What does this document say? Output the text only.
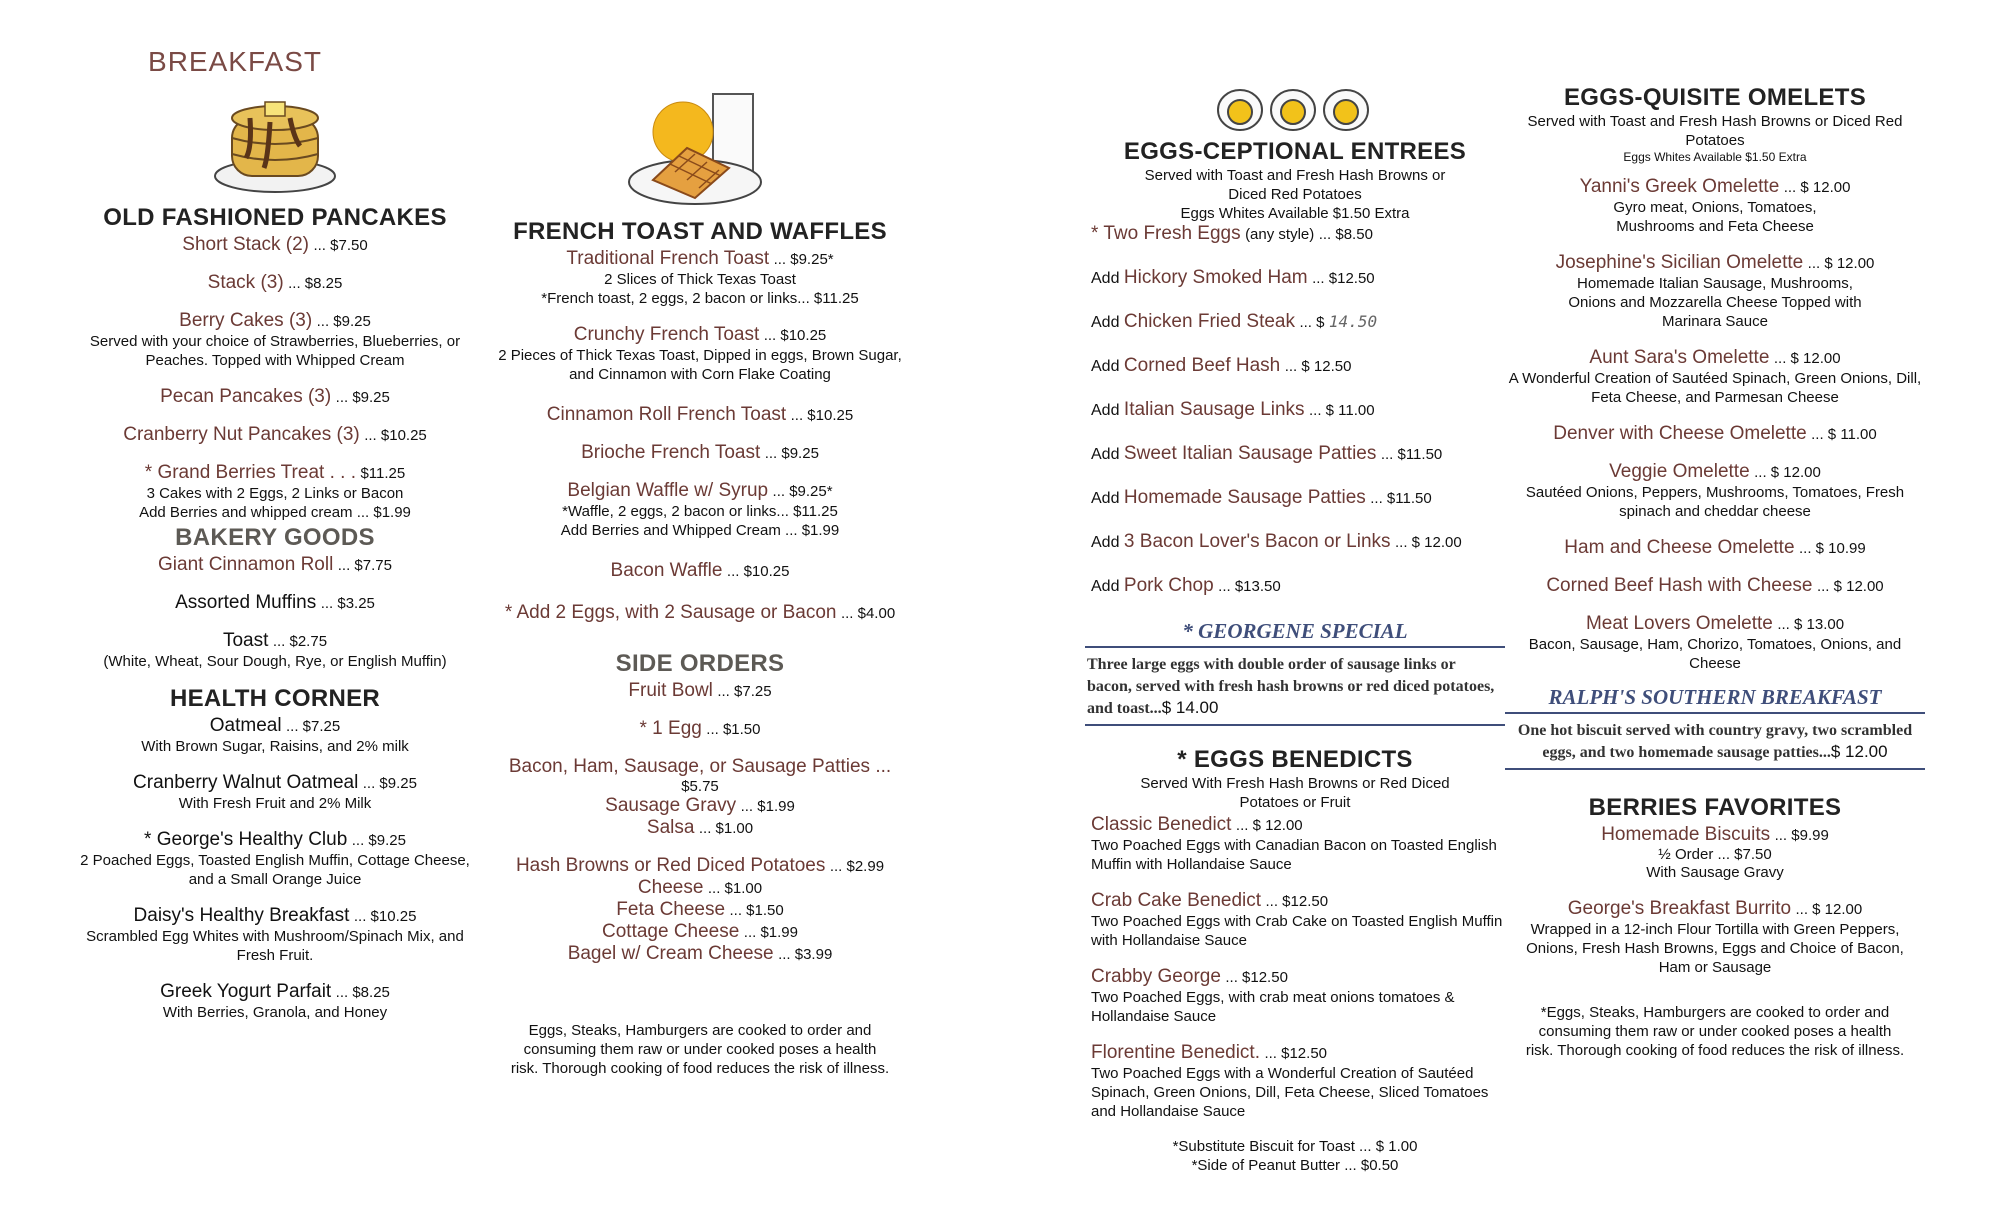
BREAKFAST
OLD FASHIONED PANCAKES
Short Stack (2) ... $7.50
Stack (3) ... $8.25
Berry Cakes (3) ... $9.25
Served with your choice of Strawberries, Blueberries, or Peaches. Topped with Whipped Cream
Pecan Pancakes (3) ... $9.25
Cranberry Nut Pancakes (3) ... $10.25
* Grand Berries Treat . . . $11.25
3 Cakes with 2 Eggs, 2 Links or Bacon
Add Berries and whipped cream ... $1.99
BAKERY GOODS
Giant Cinnamon Roll ... $7.75
Assorted Muffins ... $3.25
Toast ... $2.75
(White, Wheat, Sour Dough, Rye, or English Muffin)
HEALTH CORNER
Oatmeal ... $7.25
With Brown Sugar, Raisins, and 2% milk
Cranberry Walnut Oatmeal ... $9.25
With Fresh Fruit and 2% Milk
* George's Healthy Club ... $9.25
2 Poached Eggs, Toasted English Muffin, Cottage Cheese, and a Small Orange Juice
Daisy's Healthy Breakfast ... $10.25
Scrambled Egg Whites with Mushroom/Spinach Mix, and Fresh Fruit.
Greek Yogurt Parfait ... $8.25
With Berries, Granola, and Honey
FRENCH TOAST AND WAFFLES
Traditional French Toast ... $9.25*
2 Slices of Thick Texas Toast
*French toast, 2 eggs, 2 bacon or links... $11.25
Crunchy French Toast ... $10.25
2 Pieces of Thick Texas Toast, Dipped in eggs, Brown Sugar, and Cinnamon with Corn Flake Coating
Cinnamon Roll French Toast ... $10.25
Brioche French Toast ... $9.25
Belgian Waffle w/ Syrup ... $9.25*
*Waffle, 2 eggs, 2 bacon or links... $11.25
Add Berries and Whipped Cream ... $1.99
Bacon Waffle ... $10.25
* Add 2 Eggs, with 2 Sausage or Bacon ... $4.00
SIDE ORDERS
Fruit Bowl ... $7.25
* 1 Egg ... $1.50
Bacon, Ham, Sausage, or Sausage Patties ...
$5.75
Sausage Gravy ... $1.99
Salsa ... $1.00
Hash Browns or Red Diced Potatoes ... $2.99
Cheese ... $1.00
Feta Cheese ... $1.50
Cottage Cheese ... $1.99
Bagel w/ Cream Cheese ... $3.99
Eggs, Steaks, Hamburgers are cooked to order and consuming them raw or under cooked poses a health risk. Thorough cooking of food reduces the risk of illness.
EGGS-CEPTIONAL ENTREES
Served with Toast and Fresh Hash Browns or Diced Red Potatoes
Eggs Whites Available $1.50 Extra
* Two Fresh Eggs (any style) ... $8.50
Add Hickory Smoked Ham ... $12.50
Add Chicken Fried Steak ... $ 14.50
Add Corned Beef Hash ... $ 12.50
Add Italian Sausage Links ... $ 11.00
Add Sweet Italian Sausage Patties ... $11.50
Add Homemade Sausage Patties ... $11.50
Add 3 Bacon Lover's Bacon or Links ... $ 12.00
Add Pork Chop ... $13.50
* GEORGENE SPECIAL
Three large eggs with double order of sausage links or bacon, served with fresh hash browns or red diced potatoes, and toast...$ 14.00
* EGGS BENEDICTS
Served With Fresh Hash Browns or Red Diced Potatoes or Fruit
Classic Benedict ... $ 12.00
Two Poached Eggs with Canadian Bacon on Toasted English Muffin with Hollandaise Sauce
Crab Cake Benedict ... $12.50
Two Poached Eggs with Crab Cake on Toasted English Muffin with Hollandaise Sauce
Crabby George ... $12.50
Two Poached Eggs, with crab meat onions tomatoes & Hollandaise Sauce
Florentine Benedict. ... $12.50
Two Poached Eggs with a Wonderful Creation of Sautéed Spinach, Green Onions, Dill, Feta Cheese, Sliced Tomatoes and Hollandaise Sauce
*Substitute Biscuit for Toast ... $ 1.00
*Side of Peanut Butter ... $0.50
EGGS-QUISITE OMELETS
Served with Toast and Fresh Hash Browns or Diced Red Potatoes
Eggs Whites Available $1.50 Extra
Yanni's Greek Omelette ... $ 12.00
Gyro meat, Onions, Tomatoes, Mushrooms and Feta Cheese
Josephine's Sicilian Omelette ... $ 12.00
Homemade Italian Sausage, Mushrooms, Onions and Mozzarella Cheese Topped with Marinara Sauce
Aunt Sara's Omelette ... $ 12.00
A Wonderful Creation of Sautéed Spinach, Green Onions, Dill, Feta Cheese, and Parmesan Cheese
Denver with Cheese Omelette ... $ 11.00
Veggie Omelette ... $ 12.00
Sautéed Onions, Peppers, Mushrooms, Tomatoes, Fresh spinach and cheddar cheese
Ham and Cheese Omelette ... $ 10.99
Corned Beef Hash with Cheese ... $ 12.00
Meat Lovers Omelette ... $ 13.00
Bacon, Sausage, Ham, Chorizo, Tomatoes, Onions, and Cheese
RALPH'S SOUTHERN BREAKFAST
One hot biscuit served with country gravy, two scrambled eggs, and two homemade sausage patties...$ 12.00
BERRIES FAVORITES
Homemade Biscuits ... $9.99
½ Order ... $7.50
With Sausage Gravy
George's Breakfast Burrito ... $ 12.00
Wrapped in a 12-inch Flour Tortilla with Green Peppers, Onions, Fresh Hash Browns, Eggs and Choice of Bacon, Ham or Sausage
*Eggs, Steaks, Hamburgers are cooked to order and consuming them raw or under cooked poses a health risk. Thorough cooking of food reduces the risk of illness.
